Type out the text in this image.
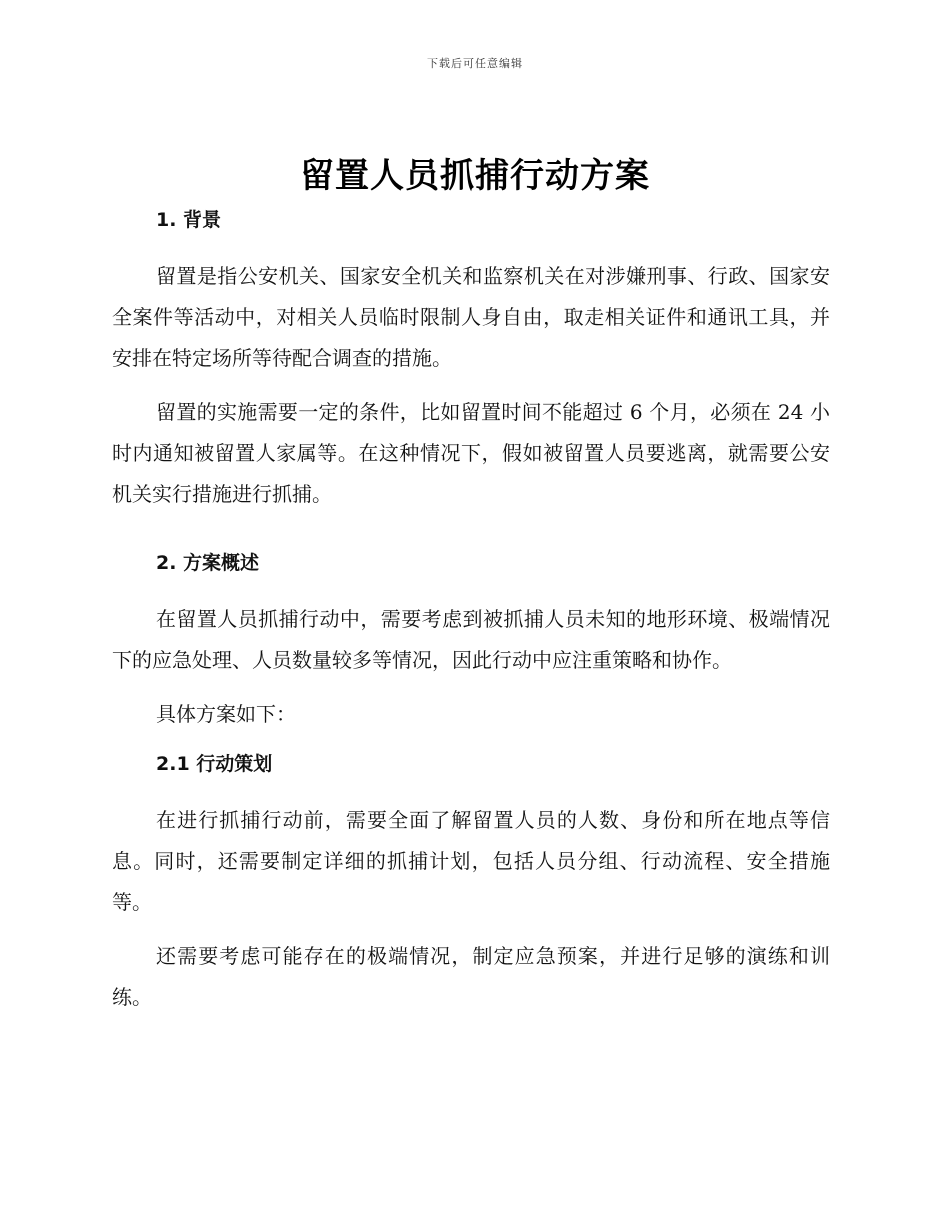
下载后可任意编辑
留置人员抓捕行动方案
1. 背景

留置是指公安机关、国家安全机关和监察机关在对涉嫌刑事、行政、国家安全案件等活动中，对相关人员临时限制人身自由，取走相关证件和通讯工具，并安排在特定场所等待配合调查的措施。

留置的实施需要一定的条件，比如留置时间不能超过 6 个月，必须在 24 小时内通知被留置人家属等。在这种情况下，假如被留置人员要逃离，就需要公安机关实行措施进行抓捕。

2. 方案概述

在留置人员抓捕行动中，需要考虑到被抓捕人员未知的地形环境、极端情况下的应急处理、人员数量较多等情况，因此行动中应注重策略和协作。

具体方案如下：

2.1 行动策划

在进行抓捕行动前，需要全面了解留置人员的人数、身份和所在地点等信息。同时，还需要制定详细的抓捕计划，包括人员分组、行动流程、安全措施等。

还需要考虑可能存在的极端情况，制定应急预案，并进行足够的演练和训练。
